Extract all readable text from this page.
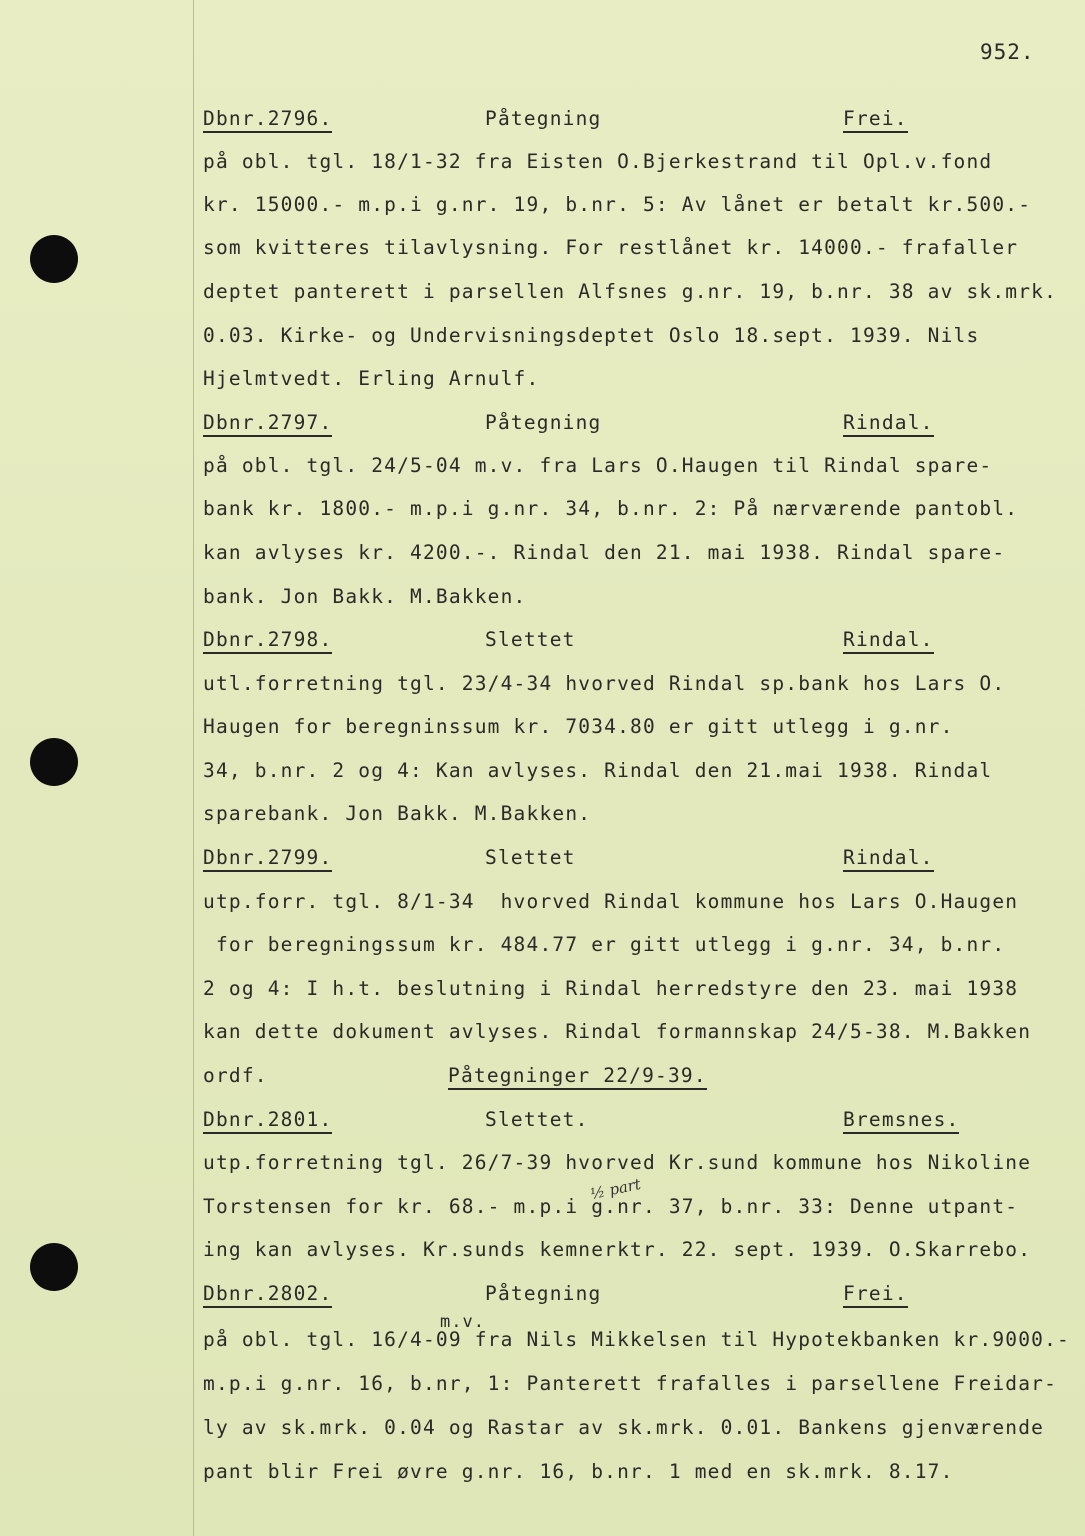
952.
Dbnr.2796.	Påtegning	Frei.
på obl. tgl. 18/1-32 fra Eisten O.Bjerkestrand til Opl.v.fond
kr. 15000.- m.p.i g.nr. 19, b.nr. 5: Av lånet er betalt kr.500.-
som kvitteres tilavlysning. For restlånet kr. 14000.- frafaller
deptet panterett i parsellen Alfsnes g.nr. 19, b.nr. 38 av sk.mrk.
0.03. Kirke- og Undervisningsdeptet Oslo 18.sept. 1939. Nils
Hjelmtvedt. Erling Arnulf.
Dbnr.2797.	Påtegning	Rindal.
på obl. tgl. 24/5-04 m.v. fra Lars O.Haugen til Rindal spare-
bank kr. 1800.- m.p.i g.nr. 34, b.nr. 2: På nærværende pantobl.
kan avlyses kr. 4200.-. Rindal den 21. mai 1938. Rindal spare-
bank. Jon Bakk. M.Bakken.
Dbnr.2798.	Slettet	Rindal.
utl.forretning tgl. 23/4-34 hvorved Rindal sp.bank hos Lars O.
Haugen for beregninssum kr. 7034.80 er gitt utlegg i g.nr.
34, b.nr. 2 og 4: Kan avlyses. Rindal den 21.mai 1938. Rindal
sparebank. Jon Bakk. M.Bakken.
Dbnr.2799.	Slettet	Rindal.
utp.forr. tgl. 8/1-34  hvorved Rindal kommune hos Lars O.Haugen
for beregningssum kr. 484.77 er gitt utlegg i g.nr. 34, b.nr.
2 og 4: I h.t. beslutning i Rindal herredstyre den 23. mai 1938
kan dette dokument avlyses. Rindal formannskap 24/5-38. M.Bakken
ordf.	Påtegninger 22/9-39.
Dbnr.2801.	Slettet.	Bremsnes.
utp.forretning tgl. 26/7-39 hvorved Kr.sund kommune hos Nikoline
½ part
Torstensen for kr. 68.- m.p.i g.nr. 37, b.nr. 33: Denne utpant-
ing kan avlyses. Kr.sunds kemnerktr. 22. sept. 1939. O.Skarrebo.
Dbnr.2802.	Påtegning	Frei.
m.v.
på obl. tgl. 16/4-09 fra Nils Mikkelsen til Hypotekbanken kr.9000.-
m.p.i g.nr. 16, b.nr, 1: Panterett frafalles i parsellene Freidar-
ly av sk.mrk. 0.04 og Rastar av sk.mrk. 0.01. Bankens gjenværende
pant blir Frei øvre g.nr. 16, b.nr. 1 med en sk.mrk. 8.17.
